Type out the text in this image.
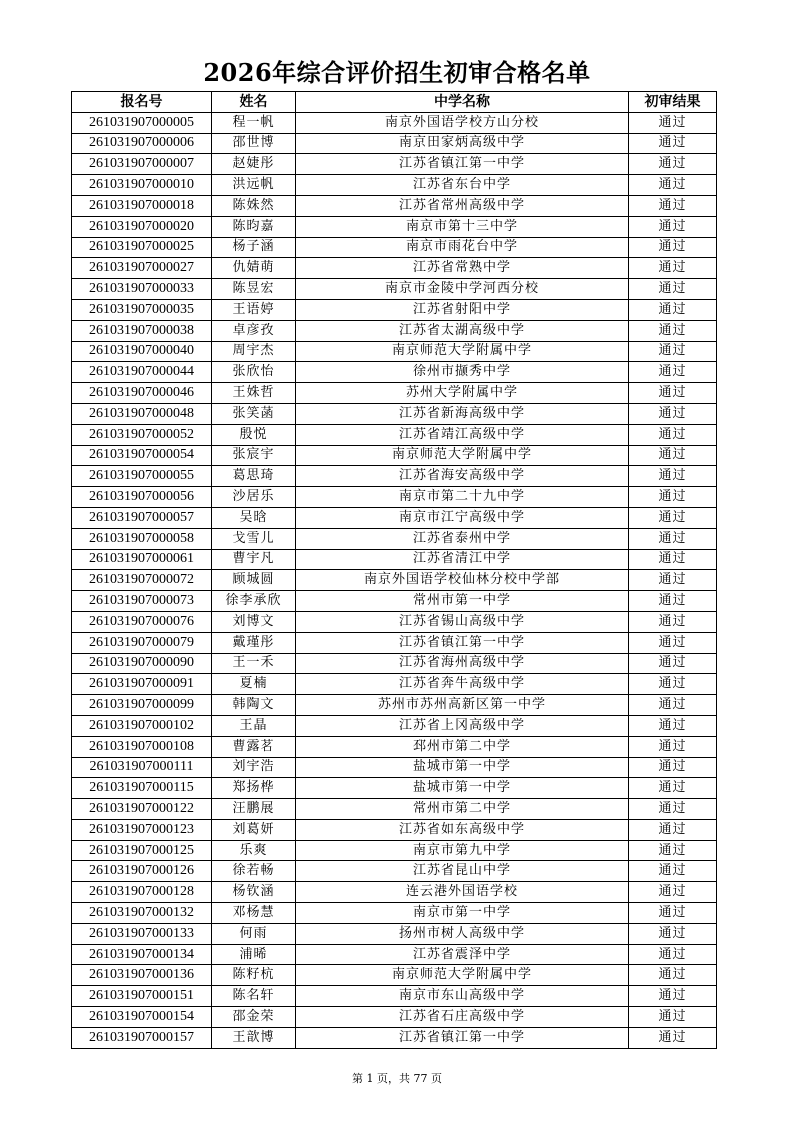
2026年综合评价招生初审合格名单
报名号	姓名	中学名称	初审结果
261031907000005	程一帆	南京外国语学校方山分校	通过
261031907000006	邵世博	南京田家炳高级中学	通过
261031907000007	赵婕彤	江苏省镇江第一中学	通过
261031907000010	洪远帆	江苏省东台中学	通过
261031907000018	陈姝然	江苏省常州高级中学	通过
261031907000020	陈昀嘉	南京市第十三中学	通过
261031907000025	杨子涵	南京市雨花台中学	通过
261031907000027	仇婧萌	江苏省常熟中学	通过
261031907000033	陈昱宏	南京市金陵中学河西分校	通过
261031907000035	王语婷	江苏省射阳中学	通过
261031907000038	卓彦孜	江苏省太湖高级中学	通过
261031907000040	周宇杰	南京师范大学附属中学	通过
261031907000044	张欣怡	徐州市撷秀中学	通过
261031907000046	王姝哲	苏州大学附属中学	通过
261031907000048	张笑菡	江苏省新海高级中学	通过
261031907000052	殷悦	江苏省靖江高级中学	通过
261031907000054	张宸宇	南京师范大学附属中学	通过
261031907000055	葛思琦	江苏省海安高级中学	通过
261031907000056	沙居乐	南京市第二十九中学	通过
261031907000057	吴晗	南京市江宁高级中学	通过
261031907000058	戈雪儿	江苏省泰州中学	通过
261031907000061	曹宇凡	江苏省清江中学	通过
261031907000072	顾城圆	南京外国语学校仙林分校中学部	通过
261031907000073	徐李承欣	常州市第一中学	通过
261031907000076	刘博文	江苏省锡山高级中学	通过
261031907000079	戴瑾彤	江苏省镇江第一中学	通过
261031907000090	王一禾	江苏省海州高级中学	通过
261031907000091	夏楠	江苏省奔牛高级中学	通过
261031907000099	韩陶文	苏州市苏州高新区第一中学	通过
261031907000102	王晶	江苏省上冈高级中学	通过
261031907000108	曹露茗	邳州市第二中学	通过
261031907000111	刘宇浩	盐城市第一中学	通过
261031907000115	郑扬桦	盐城市第一中学	通过
261031907000122	汪鹏展	常州市第二中学	通过
261031907000123	刘葛妍	江苏省如东高级中学	通过
261031907000125	乐爽	南京市第九中学	通过
261031907000126	徐若畅	江苏省昆山中学	通过
261031907000128	杨钦涵	连云港外国语学校	通过
261031907000132	邓杨慧	南京市第一中学	通过
261031907000133	何雨	扬州市树人高级中学	通过
261031907000134	浦晞	江苏省震泽中学	通过
261031907000136	陈籽杭	南京师范大学附属中学	通过
261031907000151	陈名轩	南京市东山高级中学	通过
261031907000154	邵金荣	江苏省石庄高级中学	通过
261031907000157	王歆博	江苏省镇江第一中学	通过
第 1 页，共 77 页
